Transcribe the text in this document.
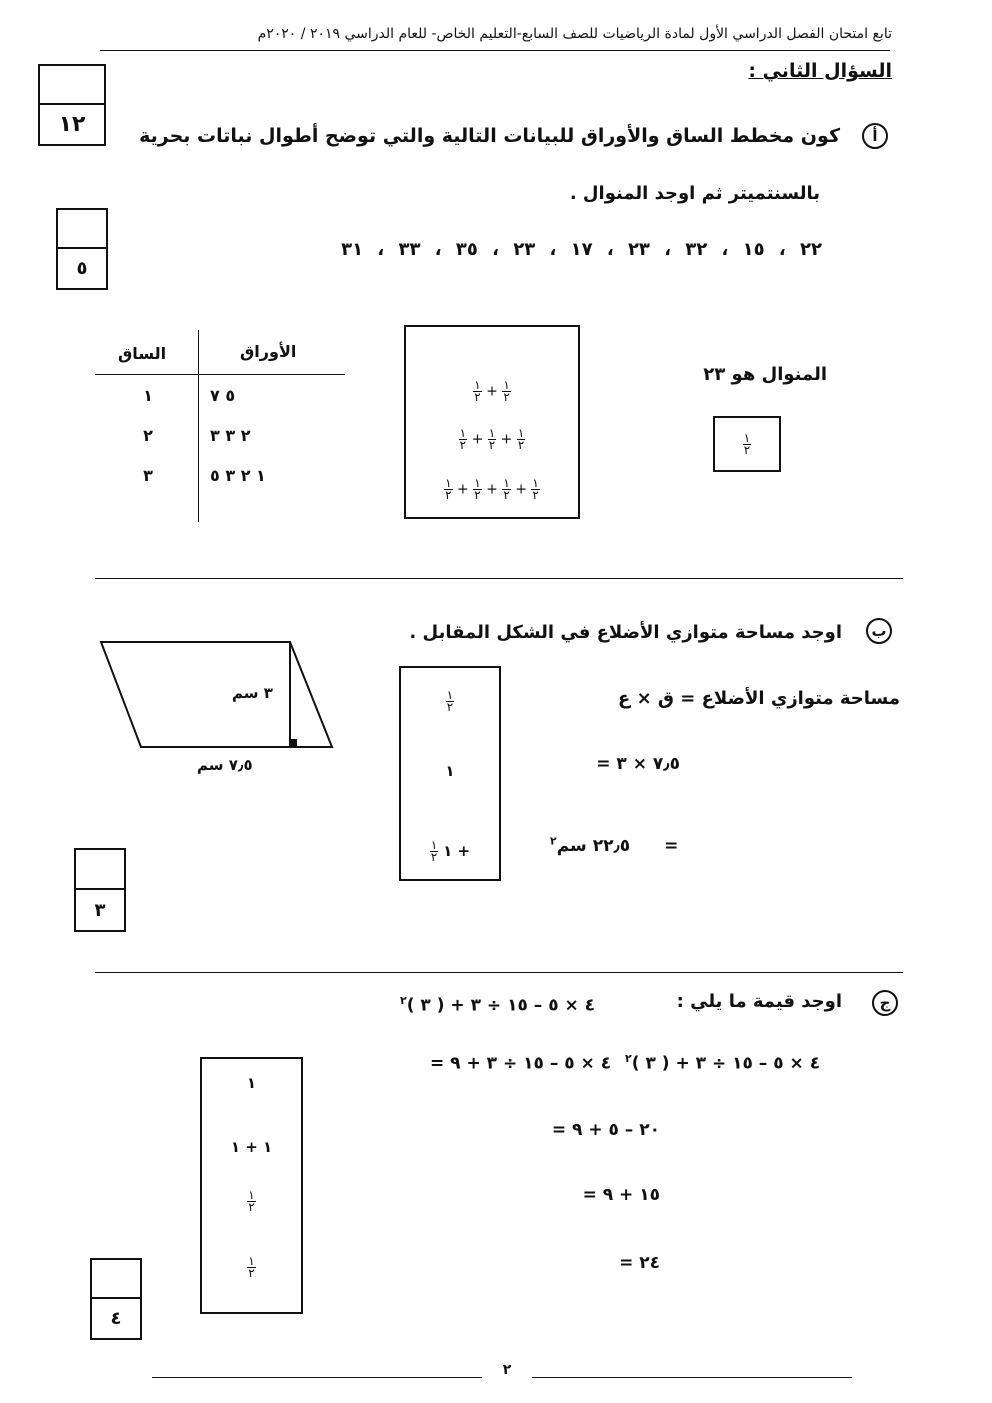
تابع امتحان الفصل الدراسي الأول لمادة الرياضيات للصف السابع-التعليم الخاص- للعام الدراسي ٢٠١٩ / ٢٠٢٠م
السؤال الثاني :
١٢	أ
كون مخطط الساق والأوراق للبيانات التالية والتي توضح أطوال نباتات بحرية
بالسنتميتر ثم اوجد المنوال .
٢٢ ، ١٥ ، ٣٢ ، ٢٣ ، ١٧ ، ٢٣ ، ٣٥ ، ٣٣ ، ٣١
٥
الساق	الأوراق
١	٥ ٧
٢	٢ ٣ ٣
٣	١ ٢ ٣ ٥
$\frac{١}{٢} + \frac{١}{٢}$
$\frac{١}{٢} + \frac{١}{٢} + \frac{١}{٢}$
$\frac{١}{٢} + \frac{١}{٢} + \frac{١}{٢} + \frac{١}{٢}$
المنوال هو ٢٣
$\frac{١}{٢}$
ب
اوجد مساحة متوازي الأضلاع في الشكل المقابل .
٣ سم
٧٫٥ سم
$\frac{١}{٢}$
١
$\frac{١}{٢}$ ١ +
مساحة متوازي الأضلاع = ق × ع
= ٧٫٥ × ٣
٢٢٫٥ سم$^٢$	=
٣
ج
اوجد قيمة ما يلي :
$^٢$٤ × ٥ – ١٥ ÷ ٣ + ( ٣ )
= ٤ × ٥ – ١٥ ÷ ٣ + ٩ $^٢$٤ × ٥ – ١٥ ÷ ٣ + ( ٣ )
= ٢٠ – ٥ + ٩
= ١٥ + ٩
= ٢٤
١
١ + ١
$\frac{١}{٢}$
$\frac{١}{٢}$
٤
٢
